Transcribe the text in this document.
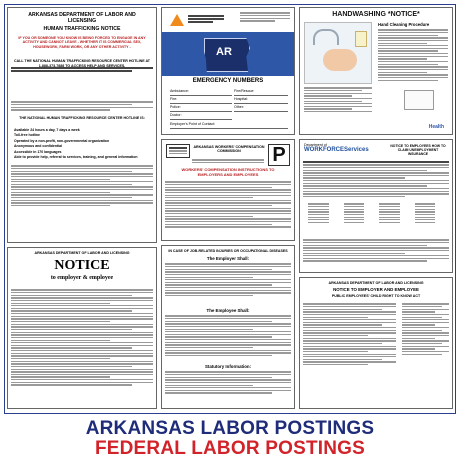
ARKANSAS DEPARTMENT OF LABOR AND LICENSING
HUMAN TRAFFICKING NOTICE
IF YOU OR SOMEONE YOU KNOW IS BEING FORCED TO ENGAGE IN ANY ACTIVITY AND CANNOT LEAVE - WHETHER IT IS COMMERCIAL SEX, HOUSEWORK, FARM WORK, OR ANY OTHER ACTIVITY -
CALL THE NATIONAL HUMAN TRAFFICKING RESOURCE CENTER HOTLINE AT 1-888-373-7888 TO ACCESS HELP AND SERVICES.
THE NATIONAL HUMAN TRAFFICKING RESOURCE CENTER HOTLINE IS:
Available 24 hours a day, 7 days a week
Toll-free hotline
Operated by a non-profit, non-governmental organization
Anonymous and confidential
Accessible in 170 languages
Able to provide help, referral to services, training, and general information
AR
EMERGENCY NUMBERS
Ambulance:
Fire:
Police:
Doctor:
Fire/Rescue:
Hospital:
Other:
Employer's Point of Contact:
HANDWASHING *NOTICE*
Hand Cleaning Procedure
Health
ARKANSAS WORKERS' COMPENSATION COMMISSION	P
WORKERS' COMPENSATION INSTRUCTIONS TO EMPLOYERS AND EMPLOYEES
Department of
WORKFORCEServices
NOTICE TO EMPLOYEES HOW TO CLAIM UNEMPLOYMENT INSURANCE
ARKANSAS DEPARTMENT OF LABOR AND LICENSING
NOTICE
to employer & employee
IN CASE OF JOB-RELATED INJURIES OR OCCUPATIONAL DISEASES
The Employer Shall:
The Employee Shall:
Statutory Information:
ARKANSAS DEPARTMENT OF LABOR AND LICENSING
NOTICE TO EMPLOYER AND EMPLOYEE
PUBLIC EMPLOYEES' CHILD RIGHT TO KNOW ACT
ARKANSAS LABOR POSTINGS
FEDERAL LABOR POSTINGS
